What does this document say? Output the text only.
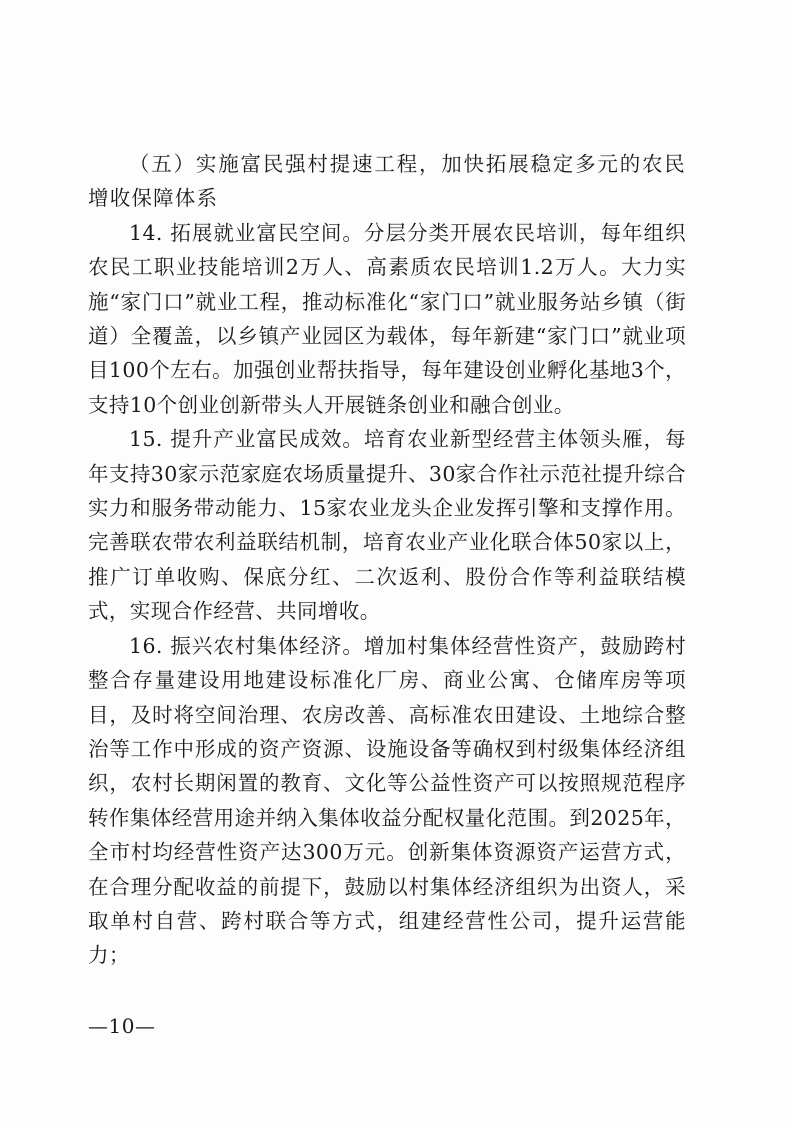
（五）实施富民强村提速工程，加快拓展稳定多元的农民增收保障体系

14. 拓展就业富民空间。分层分类开展农民培训，每年组织农民工职业技能培训2万人、高素质农民培训1.2万人。大力实施“家门口”就业工程，推动标准化“家门口”就业服务站乡镇（街道）全覆盖，以乡镇产业园区为载体，每年新建“家门口”就业项目100个左右。加强创业帮扶指导，每年建设创业孵化基地3个，支持10个创业创新带头人开展链条创业和融合创业。

15. 提升产业富民成效。培育农业新型经营主体领头雁，每年支持30家示范家庭农场质量提升、30家合作社示范社提升综合实力和服务带动能力、15家农业龙头企业发挥引擎和支撑作用。完善联农带农利益联结机制，培育农业产业化联合体50家以上，推广订单收购、保底分红、二次返利、股份合作等利益联结模式，实现合作经营、共同增收。

16. 振兴农村集体经济。增加村集体经营性资产，鼓励跨村整合存量建设用地建设标准化厂房、商业公寓、仓储库房等项目，及时将空间治理、农房改善、高标准农田建设、土地综合整治等工作中形成的资产资源、设施设备等确权到村级集体经济组织，农村长期闲置的教育、文化等公益性资产可以按照规范程序转作集体经营用途并纳入集体收益分配权量化范围。到2025年，全市村均经营性资产达300万元。创新集体资源资产运营方式，在合理分配收益的前提下，鼓励以村集体经济组织为出资人，采取单村自营、跨村联合等方式，组建经营性公司，提升运营能力；

—10—
